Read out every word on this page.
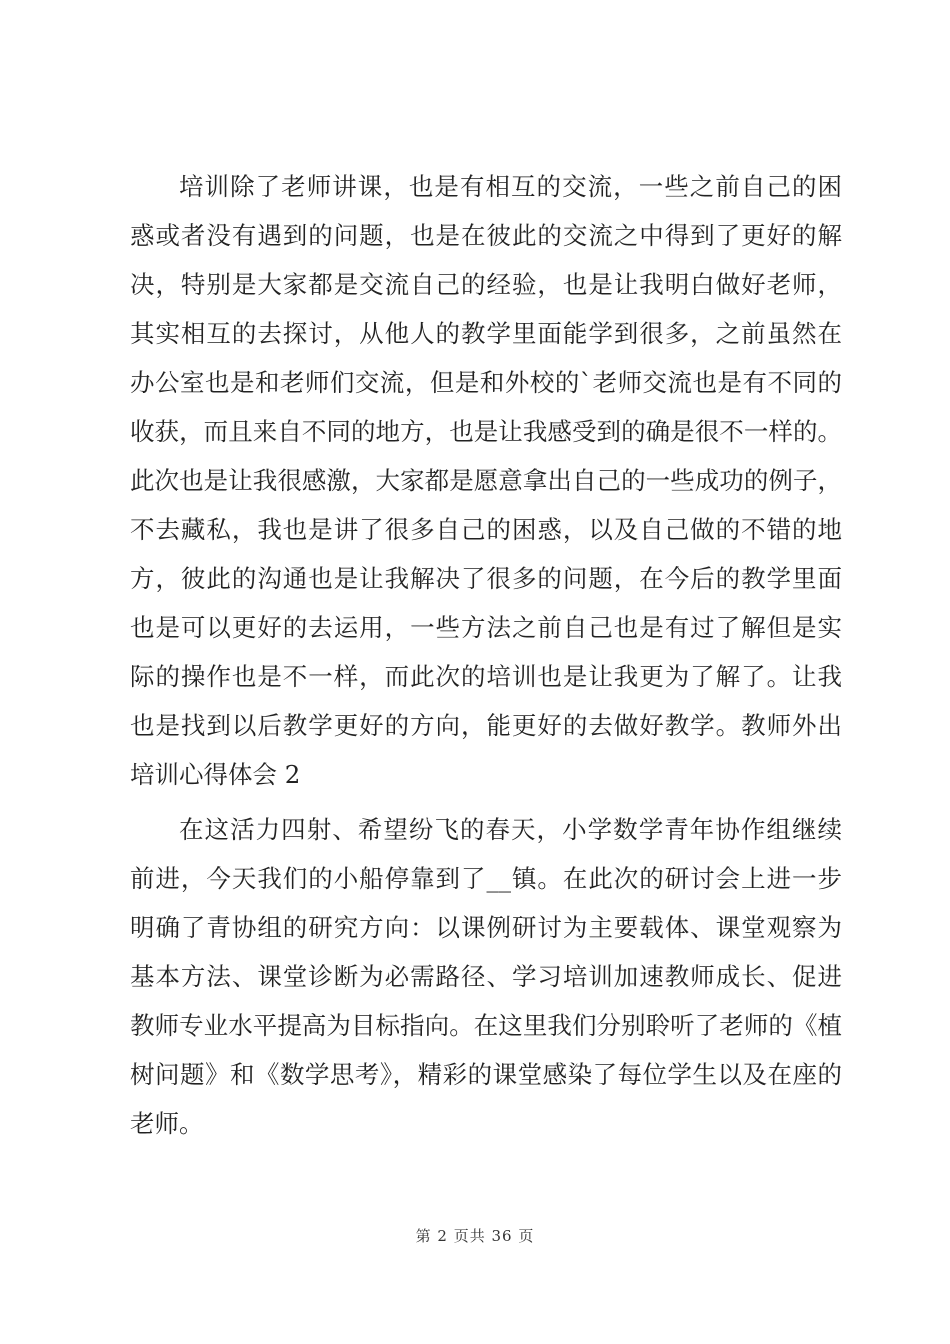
培训除了老师讲课，也是有相互的交流，一些之前自己的困
惑或者没有遇到的问题，也是在彼此的交流之中得到了更好的解
决，特别是大家都是交流自己的经验，也是让我明白做好老师，
其实相互的去探讨，从他人的教学里面能学到很多，之前虽然在
办公室也是和老师们交流，但是和外校的`老师交流也是有不同的
收获，而且来自不同的地方，也是让我感受到的确是很不一样的。
此次也是让我很感激，大家都是愿意拿出自己的一些成功的例子，
不去藏私，我也是讲了很多自己的困惑，以及自己做的不错的地
方，彼此的沟通也是让我解决了很多的问题，在今后的教学里面
也是可以更好的去运用，一些方法之前自己也是有过了解但是实
际的操作也是不一样，而此次的培训也是让我更为了解了。让我
也是找到以后教学更好的方向，能更好的去做好教学。教师外出
培训心得体会 2
在这活力四射、希望纷飞的春天，小学数学青年协作组继续
前进，今天我们的小船停靠到了__镇。在此次的研讨会上进一步
明确了青协组的研究方向：以课例研讨为主要载体、课堂观察为
基本方法、课堂诊断为必需路径、学习培训加速教师成长、促进
教师专业水平提高为目标指向。在这里我们分别聆听了老师的《植
树问题》和《数学思考》，精彩的课堂感染了每位学生以及在座的
老师。
第 2 页共 36 页
